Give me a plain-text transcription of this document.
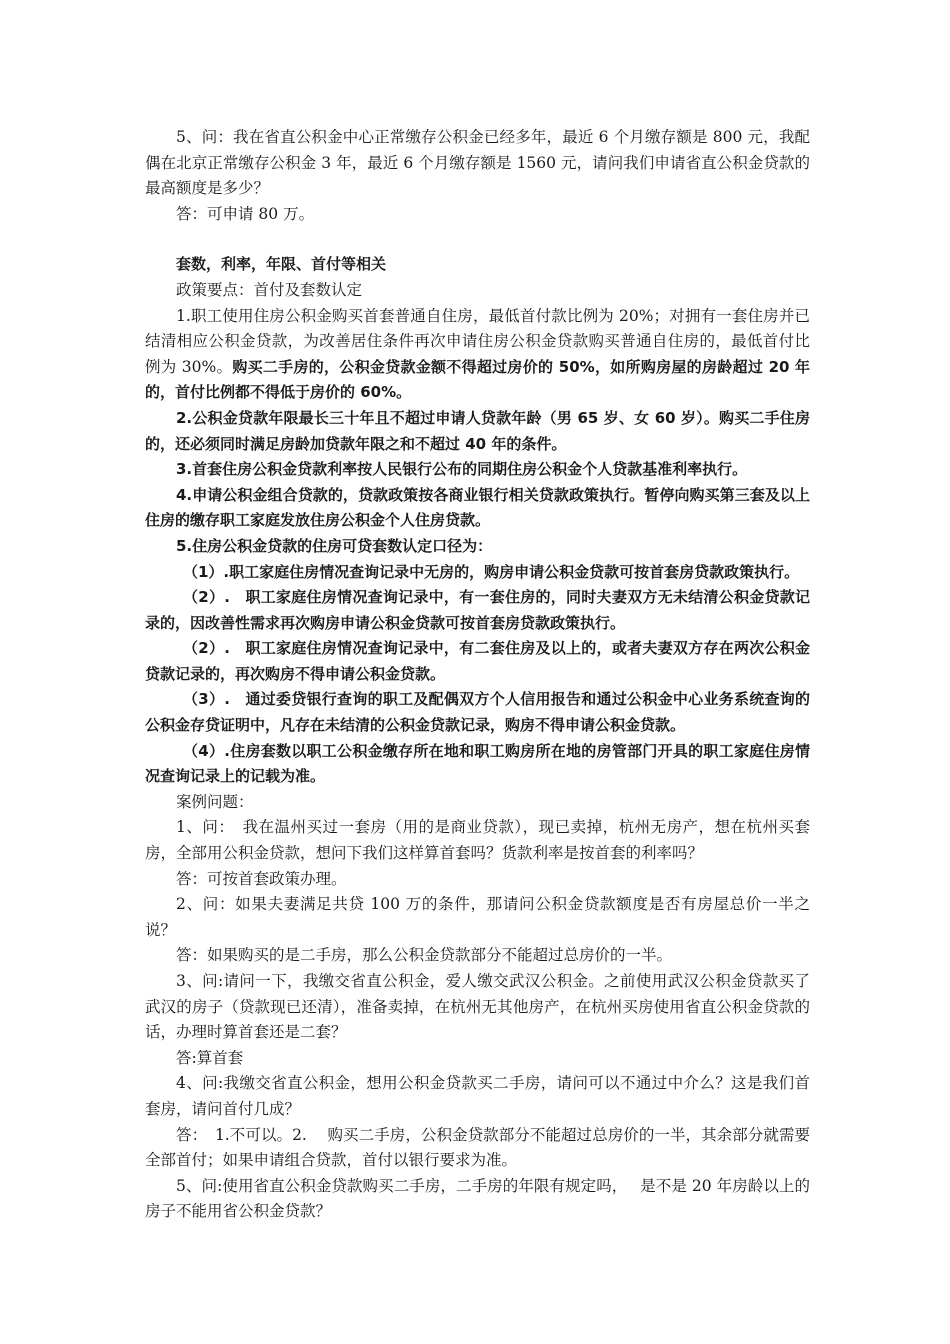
5、问：我在省直公积金中心正常缴存公积金已经多年，最近 6 个月缴存额是 800 元，我配偶在北京正常缴存公积金 3 年，最近 6 个月缴存额是 1560 元，请问我们申请省直公积金贷款的最高额度是多少？

答：可申请 80 万。

套数，利率，年限、首付等相关

政策要点：首付及套数认定

1.职工使用住房公积金购买首套普通自住房，最低首付款比例为 20%；对拥有一套住房并已结清相应公积金贷款，为改善居住条件再次申请住房公积金贷款购买普通自住房的，最低首付比例为 30%。购买二手房的，公积金贷款金额不得超过房价的 50%，如所购房屋的房龄超过 20 年的，首付比例都不得低于房价的 60%。

2.公积金贷款年限最长三十年且不超过申请人贷款年龄（男 65 岁、女 60 岁）。购买二手住房的，还必须同时满足房龄加贷款年限之和不超过 40 年的条件。

3.首套住房公积金贷款利率按人民银行公布的同期住房公积金个人贷款基准利率执行。

4.申请公积金组合贷款的，贷款政策按各商业银行相关贷款政策执行。暂停向购买第三套及以上住房的缴存职工家庭发放住房公积金个人住房贷款。

5.住房公积金贷款的住房可贷套数认定口径为：

（1）.职工家庭住房情况查询记录中无房的，购房申请公积金贷款可按首套房贷款政策执行。

（2）.　职工家庭住房情况查询记录中，有一套住房的，同时夫妻双方无未结清公积金贷款记录的，因改善性需求再次购房申请公积金贷款可按首套房贷款政策执行。

（2）.　职工家庭住房情况查询记录中，有二套住房及以上的，或者夫妻双方存在两次公积金贷款记录的，再次购房不得申请公积金贷款。

（3）.　通过委贷银行查询的职工及配偶双方个人信用报告和通过公积金中心业务系统查询的公积金存贷证明中，凡存在未结清的公积金贷款记录，购房不得申请公积金贷款。

（4）.住房套数以职工公积金缴存所在地和职工购房所在地的房管部门开具的职工家庭住房情况查询记录上的记载为准。

案例问题：

1、问：　我在温州买过一套房（用的是商业贷款），现已卖掉，杭州无房产，想在杭州买套房，全部用公积金贷款，想问下我们这样算首套吗？货款利率是按首套的利率吗？

答：可按首套政策办理。

2、问：如果夫妻满足共贷 100 万的条件，那请问公积金贷款额度是否有房屋总价一半之说？

答：如果购买的是二手房，那么公积金贷款部分不能超过总房价的一半。

3、问:请问一下，我缴交省直公积金，爱人缴交武汉公积金。之前使用武汉公积金贷款买了武汉的房子（贷款现已还清），准备卖掉，在杭州无其他房产，在杭州买房使用省直公积金贷款的话，办理时算首套还是二套？

答:算首套

4、问:我缴交省直公积金，想用公积金贷款买二手房，请问可以不通过中介么？这是我们首套房，请问首付几成？

答：　1.不可以。2.　 购买二手房，公积金贷款部分不能超过总房价的一半，其余部分就需要全部首付；如果申请组合贷款，首付以银行要求为准。

5、问:使用省直公积金贷款购买二手房，二手房的年限有规定吗，　 是不是 20 年房龄以上的房子不能用省公积金贷款？
